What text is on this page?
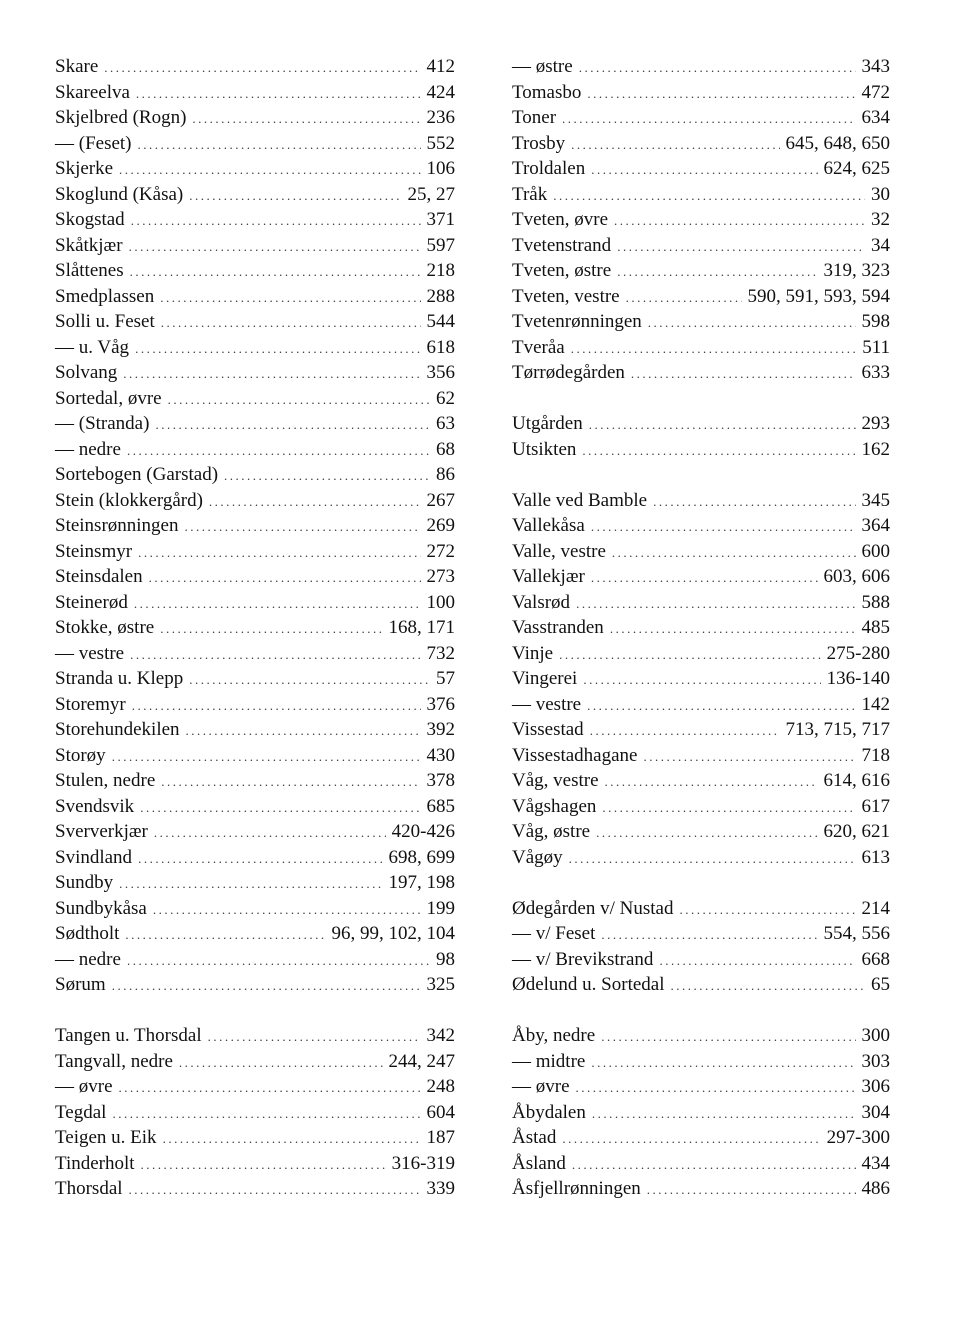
Skare .....	412
Skareelva .....	424
Skjelbred (Rogn) .....	236
— (Feset) .....	552
Skjerke .....	106
Skoglund (Kåsa) .....	25, 27
Skogstad .....	371
Skåtkjær .....	597
Slåttenes .....	218
Smedplassen .....	288
Solli u. Feset .....	544
— u. Våg .....	618
Solvang .....	356
Sortedal, øvre .....	62
— (Stranda) .....	63
— nedre .....	68
Sortebogen (Garstad) .....	86
Stein (klokkergård) .....	267
Steinsrønningen .....	269
Steinsmyr .....	272
Steinsdalen .....	273
Steinerød .....	100
Stokke, østre .....	168, 171
— vestre .....	732
Stranda u. Klepp .....	57
Storemyr .....	376
Storehundekilen .....	392
Storøy .....	430
Stulen, nedre .....	378
Svendsvik .....	685
Sververkjær .....	420-426
Svindland .....	698, 699
Sundby .....	197, 198
Sundbykåsa .....	199
Sødtholt .....	96, 99, 102, 104
— nedre .....	98
Sørum .....	325
Tangen u. Thorsdal .....	342
Tangvall, nedre .....	244, 247
— øvre .....	248
Tegdal .....	604
Teigen u. Eik .....	187
Tinderholt .....	316-319
Thorsdal .....	339
— østre .....	343
Tomasbo .....	472
Toner .....	634
Trosby .....	645, 648, 650
Troldalen .....	624, 625
Tråk .....	30
Tveten, øvre .....	32
Tvetenstrand .....	34
Tveten, østre .....	319, 323
Tveten, vestre .....	590, 591, 593, 594
Tvetenrønningen .....	598
Tveråa .....	511
Tørrødegården .....	633
Utgården .....	293
Utsikten .....	162
Valle ved Bamble .....	345
Vallekåsa .....	364
Valle, vestre .....	600
Vallekjær .....	603, 606
Valsrød .....	588
Vasstranden .....	485
Vinje .....	275-280
Vingerei .....	136-140
— vestre .....	142
Vissestad .....	713, 715, 717
Vissestadhagane .....	718
Våg, vestre .....	614, 616
Vågshagen .....	617
Våg, østre .....	620, 621
Vågøy .....	613
Ødegården v/ Nustad .....	214
— v/ Feset .....	554, 556
— v/ Brevikstrand .....	668
Ødelund u. Sortedal .....	65
Åby, nedre .....	300
— midtre .....	303
— øvre .....	306
Åbydalen .....	304
Åstad .....	297-300
Åsland .....	434
Åsfjellrønningen .....	486
